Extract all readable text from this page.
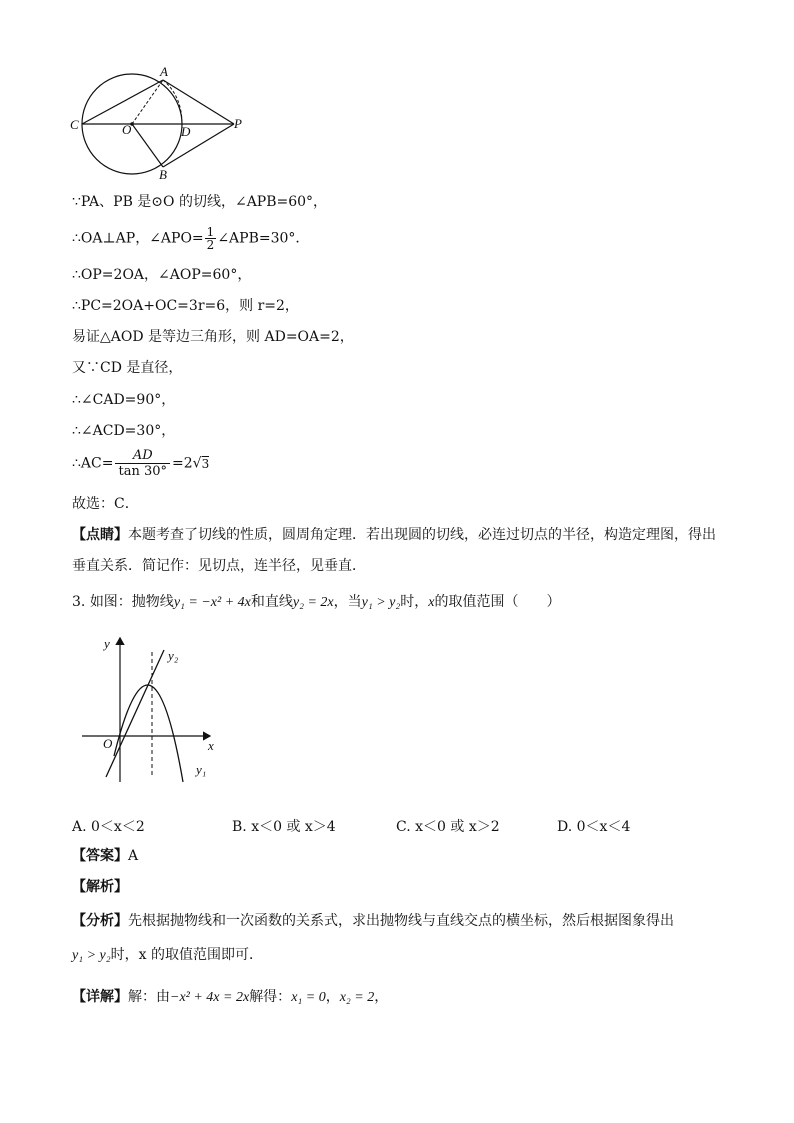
A
C	O	D
P
B
∵PA、PB 是⊙O 的切线，∠APB=60°，
∴OA⊥AP，∠APO= $\frac{1}{2}$ ∠APB=30°．
∴OP=2OA，∠AOP=60°，
∴PC=2OA+OC=3r=6，则 r=2，
易证△AOD 是等边三角形，则 AD=OA=2，
又∵CD 是直径，
∴∠CAD=90°，
∴∠ACD=30°，
∴AC= $\frac{AD}{\tan 30^\circ} =2√3$
故选：C．
【点睛】本题考查了切线的性质，圆周角定理．若出现圆的切线，必连过切点的半径，构造定理图，得出
垂直关系．简记作：见切点，连半径，见垂直．
3. 如图：抛物线y₁ = −x² + 4x和直线y₂ = 2x，当y₁ > y₂时，x的取值范围（　　）
y
x
O
y₂
y₁
A. 0＜x＜2	B. x＜0 或 x＞4	C. x＜0 或 x＞2	D. 0＜x＜4
【答案】A
【解析】
【分析】先根据抛物线和一次函数的关系式，求出抛物线与直线交点的横坐标，然后根据图象得出
y₁ > y₂时，x 的取值范围即可．
【详解】解：由−x² + 4x = 2x解得：x₁ = 0，x₂ = 2，
